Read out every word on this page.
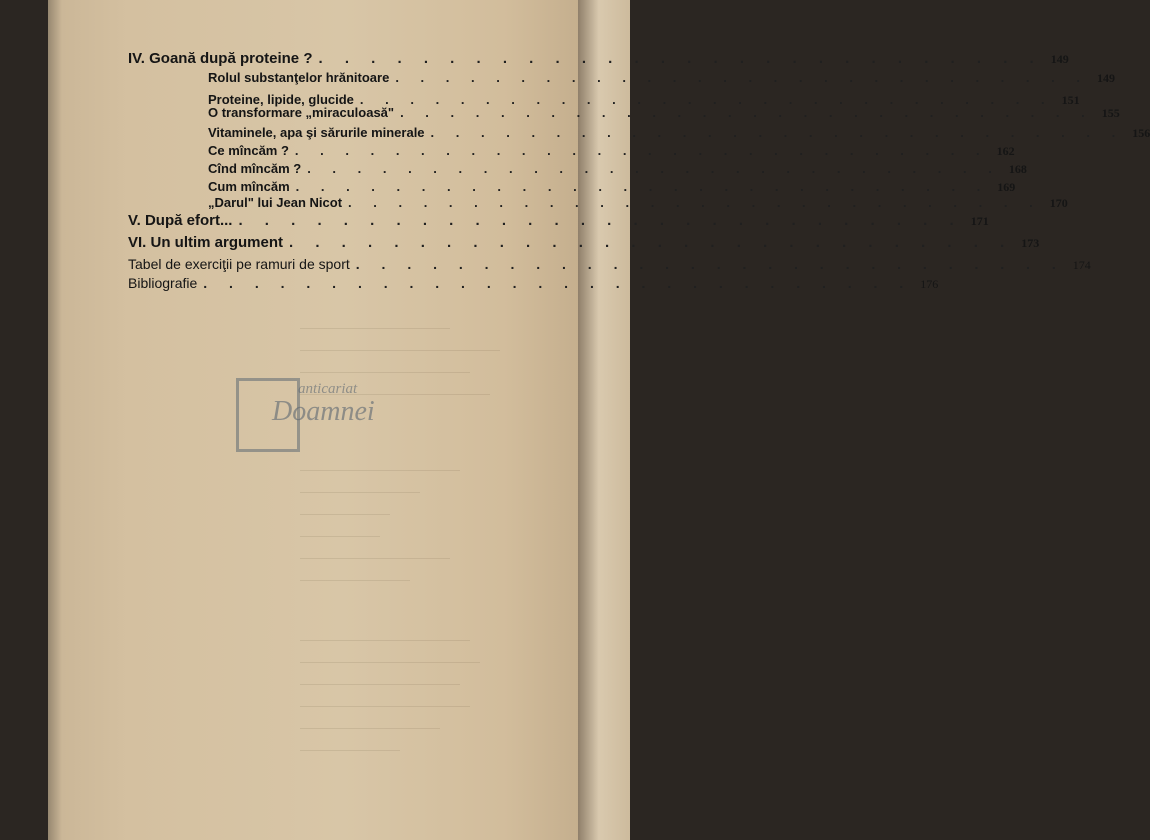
anticariat
Doamnei
IV. Goană după proteine ? . . . . . . . . . . . . . . . . . . . . . . . . . . . . 149
Rolul substanţelor hrănitoare . . . . . . . . . . . . . . . . . . . . . . . . . . . . 149
Proteine, lipide, glucide . . . . . . . . . . . . . . . . . . . . . . . . . . . . 151
O transformare „miraculoasă" . . . . . . . . . . . . . . . . . . . . . . . . . . . . 155
Vitaminele, apa şi sărurile minerale . . . . . . . . . . . . . . . . . . . . . . . . . . . . 156
Ce mîncăm ? . . . . . . . . . . . . . . . . . . . . . . . . . . . . 162
Cînd mîncăm ? . . . . . . . . . . . . . . . . . . . . . . . . . . . . 168
Cum mîncăm . . . . . . . . . . . . . . . . . . . . . . . . . . . . 169
„Darul" lui Jean Nicot . . . . . . . . . . . . . . . . . . . . . . . . . . . . 170
V. După efort... . . . . . . . . . . . . . . . . . . . . . . . . . . . . 171
VI. Un ultim argument . . . . . . . . . . . . . . . . . . . . . . . . . . . . 173
Tabel de exerciţii pe ramuri de sport . . . . . . . . . . . . . . . . . . . . . . . . . . . . 174
Bibliografie . . . . . . . . . . . . . . . . . . . . . . . . . . . . 176
